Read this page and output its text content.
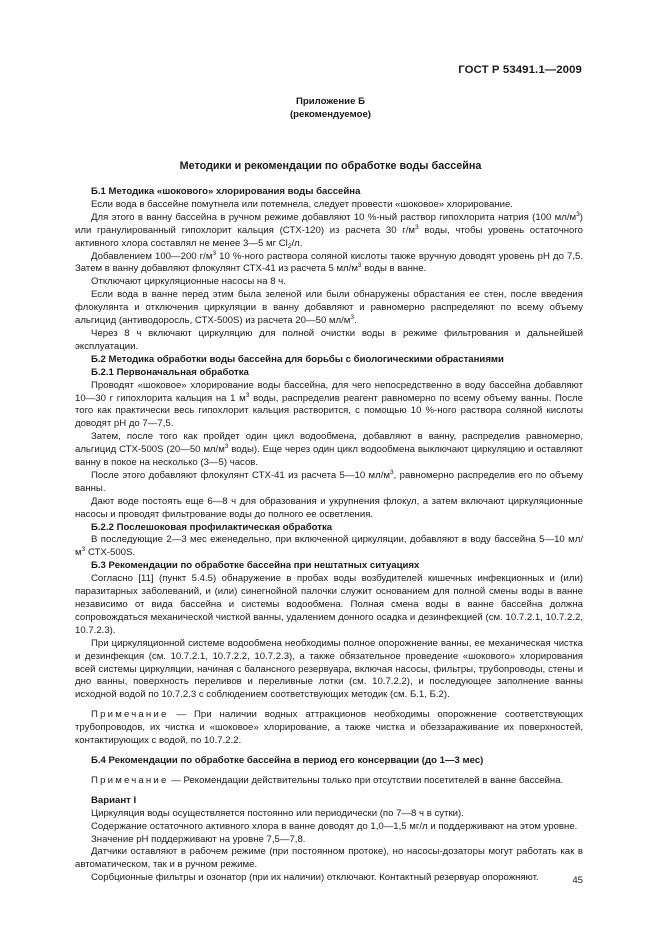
ГОСТ Р 53491.1—2009
Приложение Б
(рекомендуемое)
Методики и рекомендации по обработке воды бассейна

Б.1 Методика «шокового» хлорирования воды бассейна

Если вода в бассейне помутнела или потемнела, следует провести «шоковое» хлорирование.

Для этого в ванну бассейна в ручном режиме добавляют 10 %-ный раствор гипохлорита натрия (100 $мл/м^3$) или гранулированный гипохлорит кальция (СТХ-120) из расчета 30 $г/м^3$ воды, чтобы уровень остаточного активного хлора составлял не менее 3—5 мг $Cl_2/л$.

Добавлением 100—200 $г/м^3$ 10 %-ного раствора соляной кислоты также вручную доводят уровень pH до 7,5. Затем в ванну добавляют флокулянт СТХ-41 из расчета 5 $мл/м^3$ воды в ванне.

Отключают циркуляционные насосы на 8 ч.

Если вода в ванне перед этим была зеленой или были обнаружены обрастания ее стен, после введения флокулянта и отключения циркуляции в ванну добавляют и равномерно распределяют по всему объему альгицид (антиводоросль, СТХ-500S) из расчета 20—50 $мл/м^3$.

Через 8 ч включают циркуляцию для полной очистки воды в режиме фильтрования и дальнейшей эксплуатации.

Б.2 Методика обработки воды бассейна для борьбы с биологическими обрастаниями

Б.2.1 Первоначальная обработка

Проводят «шоковое» хлорирование воды бассейна, для чего непосредственно в воду бассейна добавляют 10—30 г гипохлорита кальция на 1 $м^3$ воды, распределив реагент равномерно по всему объему ванны. После того как практически весь гипохлорит кальция растворится, с помощью 10 %-ного раствора соляной кислоты доводят pH до 7—7,5.

Затем, после того как пройдет один цикл водообмена, добавляют в ванну, распределив равномерно, альгицид СТХ-500S (20—50 $мл/м^3$ воды). Еще через один цикл водообмена выключают циркуляцию и оставляют ванну в покое на несколько (3—5) часов.

После этого добавляют флокулянт СТХ-41 из расчета 5—10 $мл/м^3$, равномерно распределив его по объему ванны.

Дают воде постоять еще 6—8 ч для образования и укрупнения флокул, а затем включают циркуляционные насосы и проводят фильтрование воды до полного ее осветления.

Б.2.2 Послешоковая профилактическая обработка

В последующие 2—3 мес еженедельно, при включенной циркуляции, добавляют в воду бассейна 5—10 $мл/м^3$ СТХ-500S.

Б.3 Рекомендации по обработке бассейна при нештатных ситуациях

Согласно [11] (пункт 5.4.5) обнаружение в пробах воды возбудителей кишечных инфекционных и (или) паразитарных заболеваний, и (или) синегнойной палочки служит основанием для полной смены воды в ванне независимо от вида бассейна и системы водообмена. Полная смена воды в ванне бассейна должна сопровождаться механической чисткой ванны, удалением донного осадка и дезинфекцией (см. 10.7.2.1, 10.7.2.2, 10.7.2.3).

При циркуляционной системе водообмена необходимы полное опорожнение ванны, ее механическая чистка и дезинфекция (см. 10.7.2.1, 10.7.2.2, 10.7.2.3), а также обязательное проведение «шокового» хлорирования всей системы циркуляции, начиная с балансного резервуара, включая насосы, фильтры, трубопроводы, стены и дно ванны, поверхность переливов и переливные лотки (см. 10.7.2.2), и последующее заполнение ванны исходной водой по 10.7.2.3 с соблюдением соответствующих методик (см. Б.1, Б.2).

Примечание — При наличии водных аттракционов необходимы опорожнение соответствующих трубопроводов, их чистка и «шоковое» хлорирование, а также чистка и обеззараживание их поверхностей, контактирующих с водой, по 10.7.2.2.

Б.4 Рекомендации по обработке бассейна в период его консервации (до 1—3 мес)

Примечание — Рекомендации действительны только при отсутствии посетителей в ванне бассейна.

Вариант I

Циркуляция воды осуществляется постоянно или периодически (по 7—8 ч в сутки).

Содержание остаточного активного хлора в ванне доводят до 1,0—1,5 мг/л и поддерживают на этом уровне.

Значение pH поддерживают на уровне 7,5—7,8.

Датчики оставляют в рабочем режиме (при постоянном протоке), но насосы-дозаторы могут работать как в автоматическом, так и в ручном режиме.

Сорбционные фильтры и озонатор (при их наличии) отключают. Контактный резервуар опорожняют.	45
